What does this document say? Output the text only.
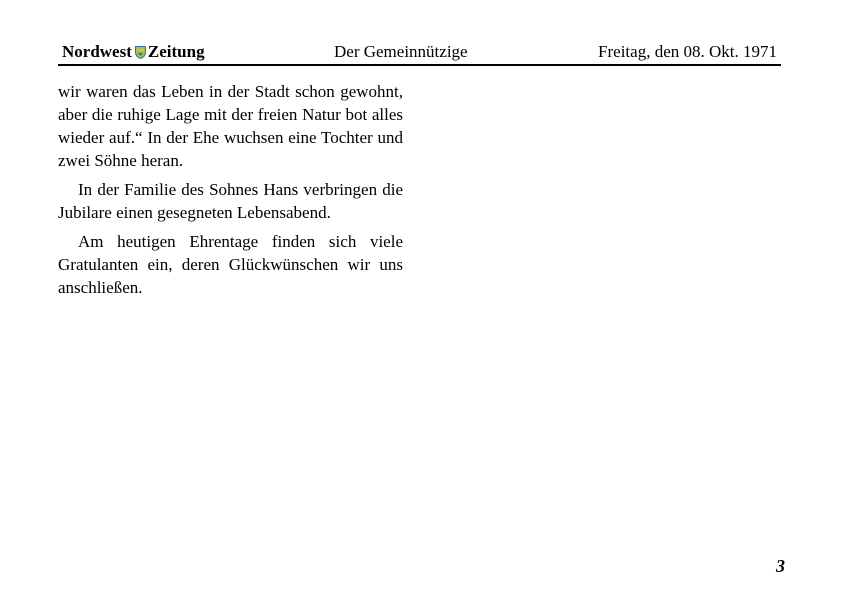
Nordwest Zeitung	Der Gemeinnützige	Freitag, den 08. Okt. 1971

wir waren das Leben in der Stadt schon gewohnt, aber die ruhige Lage mit der freien Natur bot alles wieder auf.“ In der Ehe wuchsen eine Tochter und zwei Söhne heran.

In der Familie des Sohnes Hans verbringen die Jubilare einen gesegneten Lebensabend.

Am heutigen Ehrentage finden sich viele Gratulanten ein, deren Glückwünschen wir uns anschließen.

3
